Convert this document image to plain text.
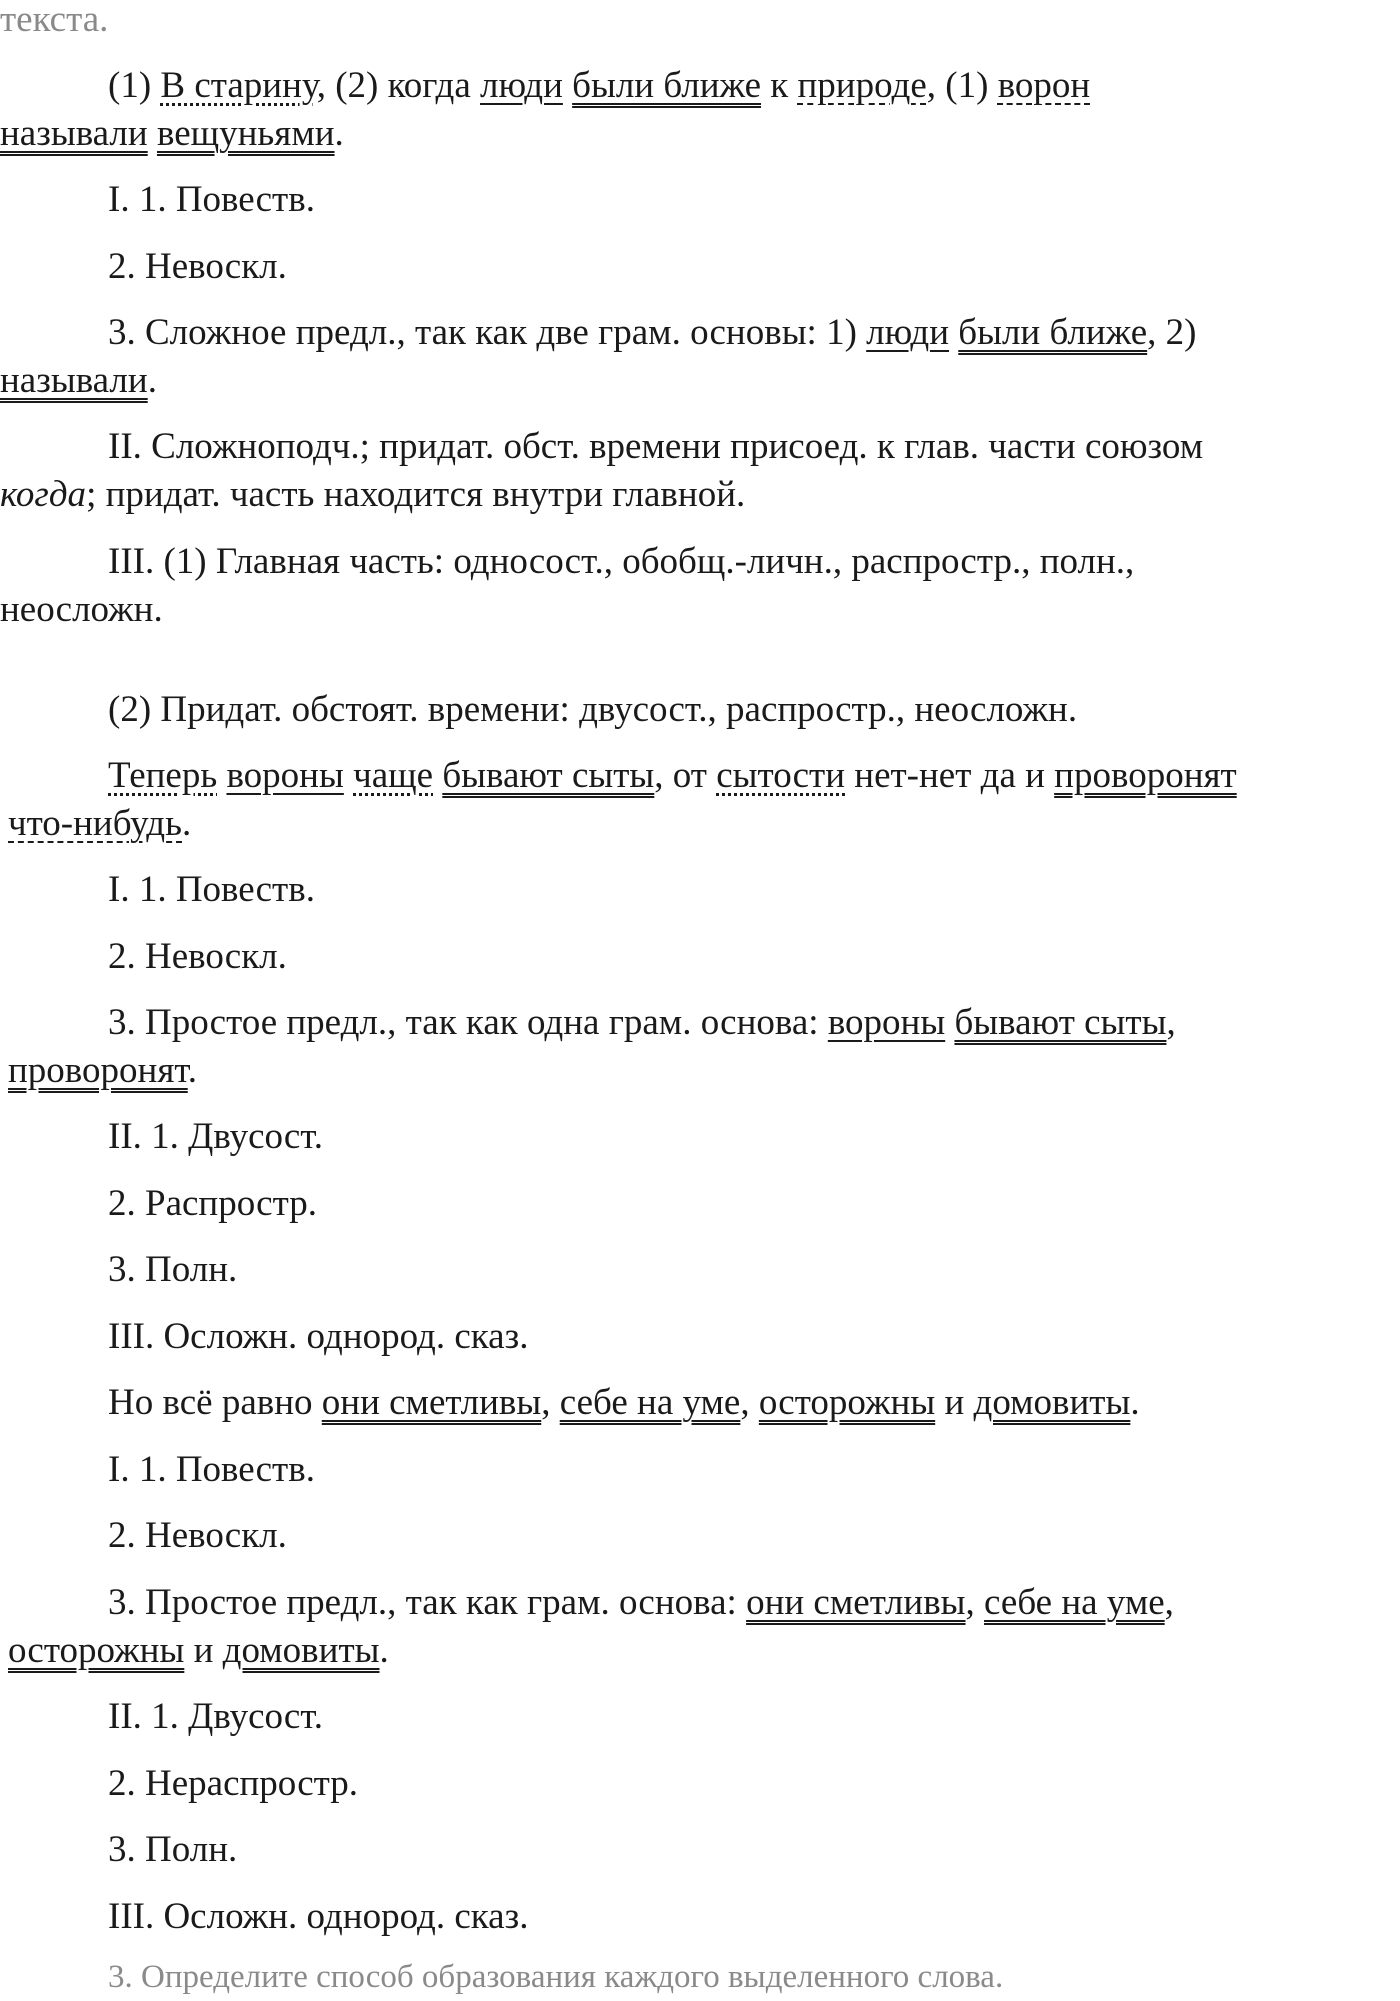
текста.
(1) В старину, (2) когда люди были ближе к природе, (1) ворон
называли вещуньями.
I. 1. Повеств.
2. Невоскл.
3. Сложное предл., так как две грам. основы: 1) люди были ближе, 2)
называли.
II. Сложноподч.; придат. обст. времени присоед. к глав. части союзом
когда; придат. часть находится внутри главной.
III. (1) Главная часть: односост., обобщ.-личн., распростр., полн.,
неосложн.
(2) Придат. обстоят. времени: двусост., распростр., неосложн.
Теперь вороны чаще бывают сыты, от сытости нет-нет да и проворонят
что-нибудь.
I. 1. Повеств.
2. Невоскл.
3. Простое предл., так как одна грам. основа: вороны бывают сыты,
проворонят.
II. 1. Двусост.
2. Распростр.
3. Полн.
III. Осложн. однород. сказ.
Но всё равно они сметливы, себе на уме, осторожны и домовиты.
I. 1. Повеств.
2. Невоскл.
3. Простое предл., так как грам. основа: они сметливы, себе на уме,
осторожны и домовиты.
II. 1. Двусост.
2. Нераспростр.
3. Полн.
III. Осложн. однород. сказ.
3. Определите способ образования каждого выделенного слова.
